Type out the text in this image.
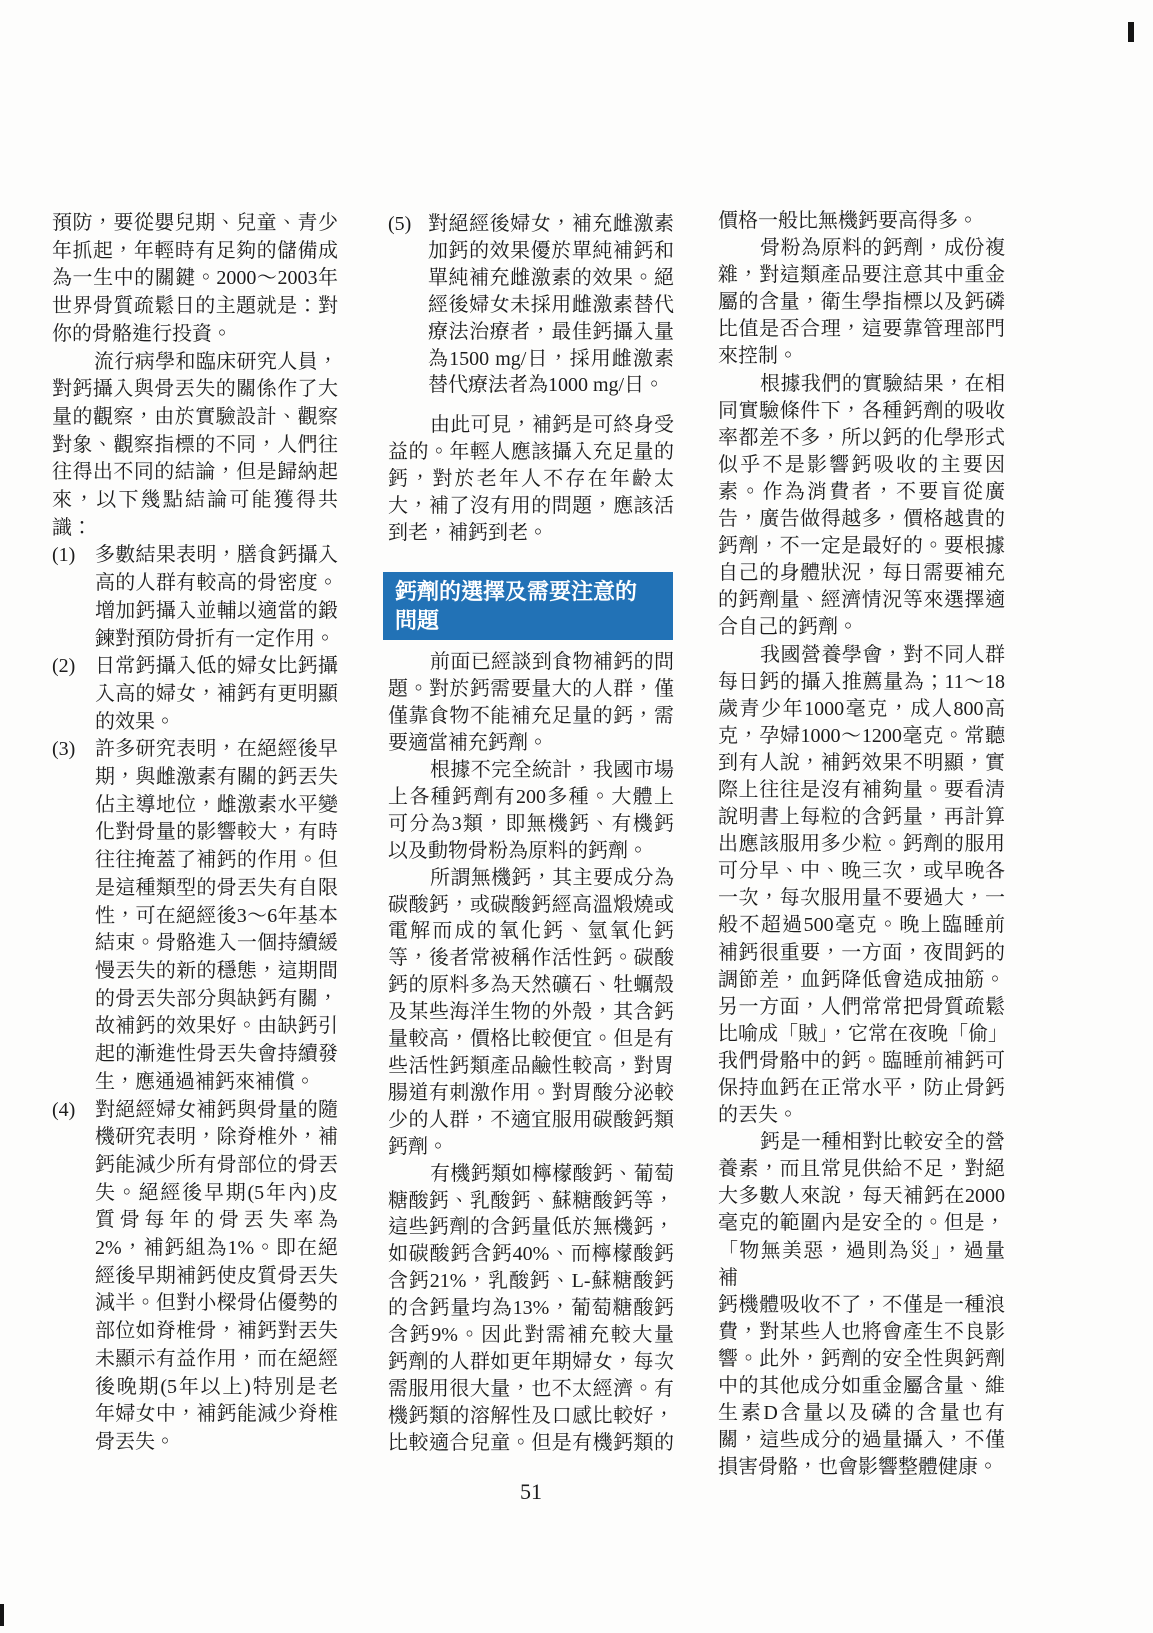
預防，要從嬰兒期、兒童、青少
年抓起，年輕時有足夠的儲備成
為一生中的關鍵。2000～2003年
世界骨質疏鬆日的主題就是：對
你的骨骼進行投資。
流行病學和臨床研究人員，
對鈣攝入與骨丟失的關係作了大
量的觀察，由於實驗設計、觀察
對象、觀察指標的不同，人們往
往得出不同的結論，但是歸納起
來，以下幾點結論可能獲得共
識：
(1) 多數結果表明，膳食鈣攝入
高的人群有較高的骨密度。
增加鈣攝入並輔以適當的鍛
鍊對預防骨折有一定作用。
(2) 日常鈣攝入低的婦女比鈣攝
入高的婦女，補鈣有更明顯
的效果。
(3) 許多研究表明，在絕經後早
期，與雌激素有關的鈣丟失
佔主導地位，雌激素水平變
化對骨量的影響較大，有時
往往掩蓋了補鈣的作用。但
是這種類型的骨丟失有自限
性，可在絕經後3～6年基本
結束。骨骼進入一個持續緩
慢丟失的新的穩態，這期間
的骨丟失部分與缺鈣有關，
故補鈣的效果好。由缺鈣引
起的漸進性骨丟失會持續發
生，應通過補鈣來補償。
(4) 對絕經婦女補鈣與骨量的隨
機研究表明，除脊椎外，補
鈣能減少所有骨部位的骨丟
失。絕經後早期(5年內)皮
質骨每年的骨丟失率為
2%，補鈣組為1%。即在絕
經後早期補鈣使皮質骨丟失
減半。但對小樑骨佔優勢的
部位如脊椎骨，補鈣對丟失
未顯示有益作用，而在絕經
後晚期(5年以上)特別是老
年婦女中，補鈣能減少脊椎
骨丟失。
(5) 對絕經後婦女，補充雌激素
加鈣的效果優於單純補鈣和
單純補充雌激素的效果。絕
經後婦女未採用雌激素替代
療法治療者，最佳鈣攝入量
為1500 mg/日，採用雌激素
替代療法者為1000 mg/日。
由此可見，補鈣是可終身受
益的。年輕人應該攝入充足量的
鈣，對於老年人不存在年齡太
大，補了沒有用的問題，應該活
到老，補鈣到老。
鈣劑的選擇及需要注意的問題
前面已經談到食物補鈣的問
題。對於鈣需要量大的人群，僅
僅靠食物不能補充足量的鈣，需
要適當補充鈣劑。
根據不完全統計，我國市場
上各種鈣劑有200多種。大體上
可分為3類，即無機鈣、有機鈣
以及動物骨粉為原料的鈣劑。
所謂無機鈣，其主要成分為
碳酸鈣，或碳酸鈣經高溫煅燒或
電解而成的氧化鈣、氫氧化鈣
等，後者常被稱作活性鈣。碳酸
鈣的原料多為天然礦石、牡蠣殼
及某些海洋生物的外殼，其含鈣
量較高，價格比較便宜。但是有
些活性鈣類產品鹼性較高，對胃
腸道有刺激作用。對胃酸分泌較
少的人群，不適宜服用碳酸鈣類
鈣劑。
有機鈣類如檸檬酸鈣、葡萄
糖酸鈣、乳酸鈣、蘇糖酸鈣等，
這些鈣劑的含鈣量低於無機鈣，
如碳酸鈣含鈣40%、而檸檬酸鈣
含鈣21%，乳酸鈣、L-蘇糖酸鈣
的含鈣量均為13%，葡萄糖酸鈣
含鈣9%。因此對需補充較大量
鈣劑的人群如更年期婦女，每次
需服用很大量，也不太經濟。有
機鈣類的溶解性及口感比較好，
比較適合兒童。但是有機鈣類的
價格一般比無機鈣要高得多。
骨粉為原料的鈣劑，成份複
雜，對這類產品要注意其中重金
屬的含量，衛生學指標以及鈣磷
比值是否合理，這要靠管理部門
來控制。
根據我們的實驗結果，在相
同實驗條件下，各種鈣劑的吸收
率都差不多，所以鈣的化學形式
似乎不是影響鈣吸收的主要因
素。作為消費者，不要盲從廣
告，廣告做得越多，價格越貴的
鈣劑，不一定是最好的。要根據
自己的身體狀況，每日需要補充
的鈣劑量、經濟情況等來選擇適
合自己的鈣劑。
我國營養學會，對不同人群
每日鈣的攝入推薦量為；11～18
歲青少年1000毫克，成人800高
克，孕婦1000～1200毫克。常聽
到有人說，補鈣效果不明顯，實
際上往往是沒有補夠量。要看清
說明書上每粒的含鈣量，再計算
出應該服用多少粒。鈣劑的服用
可分早、中、晚三次，或早晚各
一次，每次服用量不要過大，一
般不超過500毫克。晚上臨睡前
補鈣很重要，一方面，夜間鈣的
調節差，血鈣降低會造成抽筋。
另一方面，人們常常把骨質疏鬆
比喻成「賊」，它常在夜晚「偷」
我們骨骼中的鈣。臨睡前補鈣可
保持血鈣在正常水平，防止骨鈣
的丟失。
鈣是一種相對比較安全的營
養素，而且常見供給不足，對絕
大多數人來說，每天補鈣在2000
毫克的範圍內是安全的。但是，
「物無美惡，過則為災」，過量補
鈣機體吸收不了，不僅是一種浪
費，對某些人也將會產生不良影
響。此外，鈣劑的安全性與鈣劑
中的其他成分如重金屬含量、維
生素D含量以及磷的含量也有
關，這些成分的過量攝入，不僅
損害骨骼，也會影響整體健康。
51
